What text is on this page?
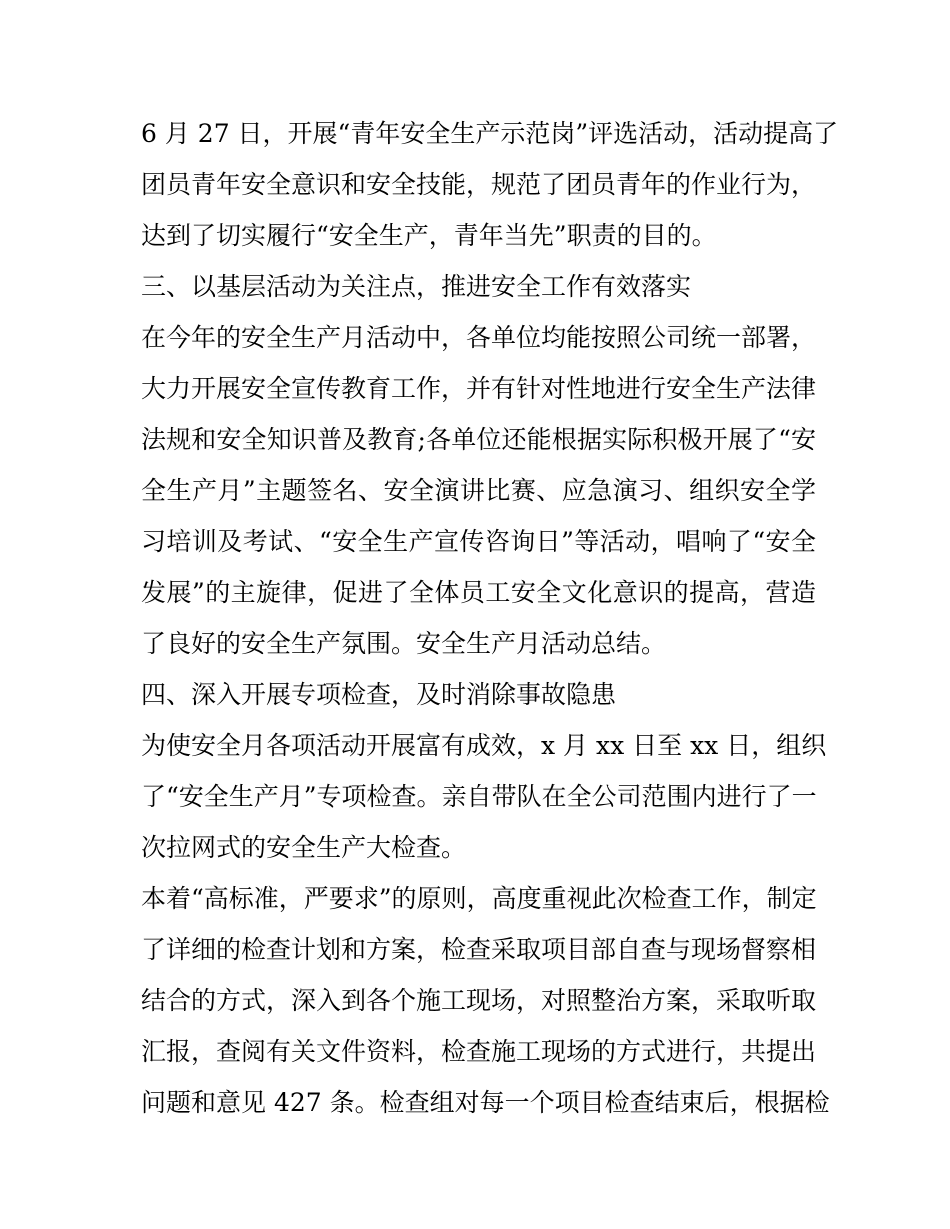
6 月 27 日，开展“青年安全生产示范岗”评选活动，活动提高了
团员青年安全意识和安全技能，规范了团员青年的作业行为，
达到了切实履行“安全生产，青年当先”职责的目的。
三、以基层活动为关注点，推进安全工作有效落实
在今年的安全生产月活动中，各单位均能按照公司统一部署，
大力开展安全宣传教育工作，并有针对性地进行安全生产法律
法规和安全知识普及教育;各单位还能根据实际积极开展了“安
全生产月”主题签名、安全演讲比赛、应急演习、组织安全学
习培训及考试、“安全生产宣传咨询日”等活动，唱响了“安全
发展”的主旋律，促进了全体员工安全文化意识的提高，营造
了良好的安全生产氛围。安全生产月活动总结。
四、深入开展专项检查，及时消除事故隐患
为使安全月各项活动开展富有成效，x 月 xx 日至 xx 日，组织
了“安全生产月”专项检查。亲自带队在全公司范围内进行了一
次拉网式的安全生产大检查。
本着“高标准，严要求”的原则，高度重视此次检查工作，制定
了详细的检查计划和方案，检查采取项目部自查与现场督察相
结合的方式，深入到各个施工现场，对照整治方案，采取听取
汇报，查阅有关文件资料，检查施工现场的方式进行，共提出
问题和意见 427 条。检查组对每一个项目检查结束后，根据检
